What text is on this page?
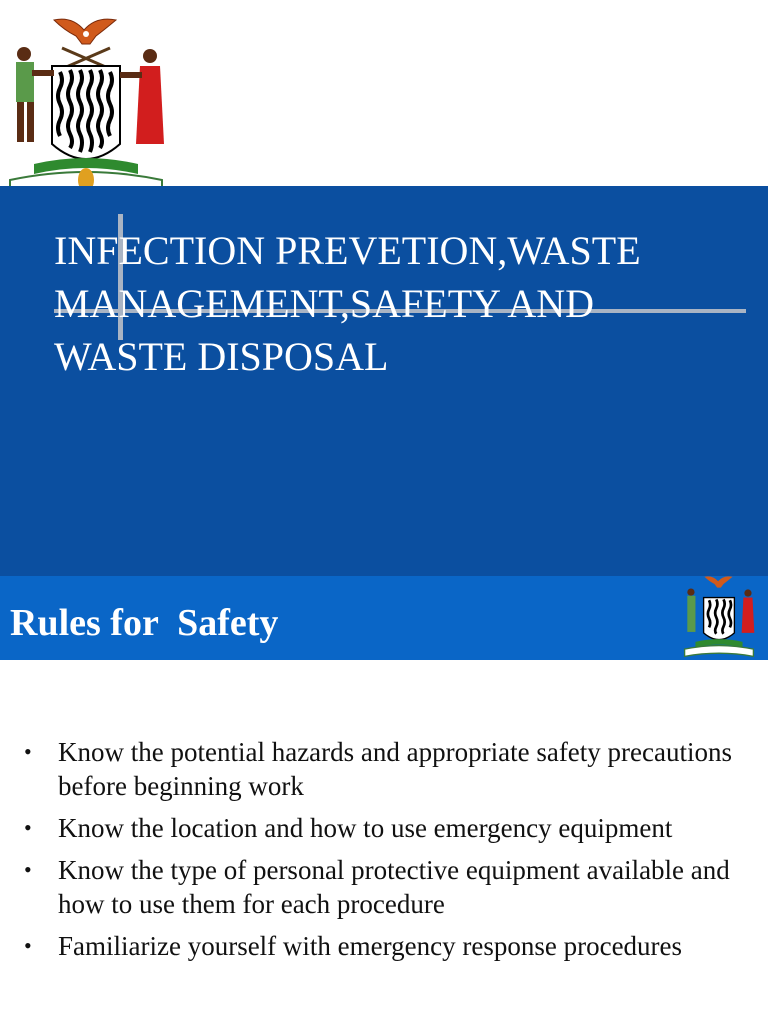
INFECTION PREVETION,WASTE
MANAGEMENT,SAFETY AND
WASTE DISPOSAL
Rules for  Safety
• Know the potential hazards and appropriate safety precautions before beginning work
• Know the location and how to use emergency equipment
• Know the type of personal protective equipment available and how to use them for each procedure
• Familiarize yourself with emergency response procedures
